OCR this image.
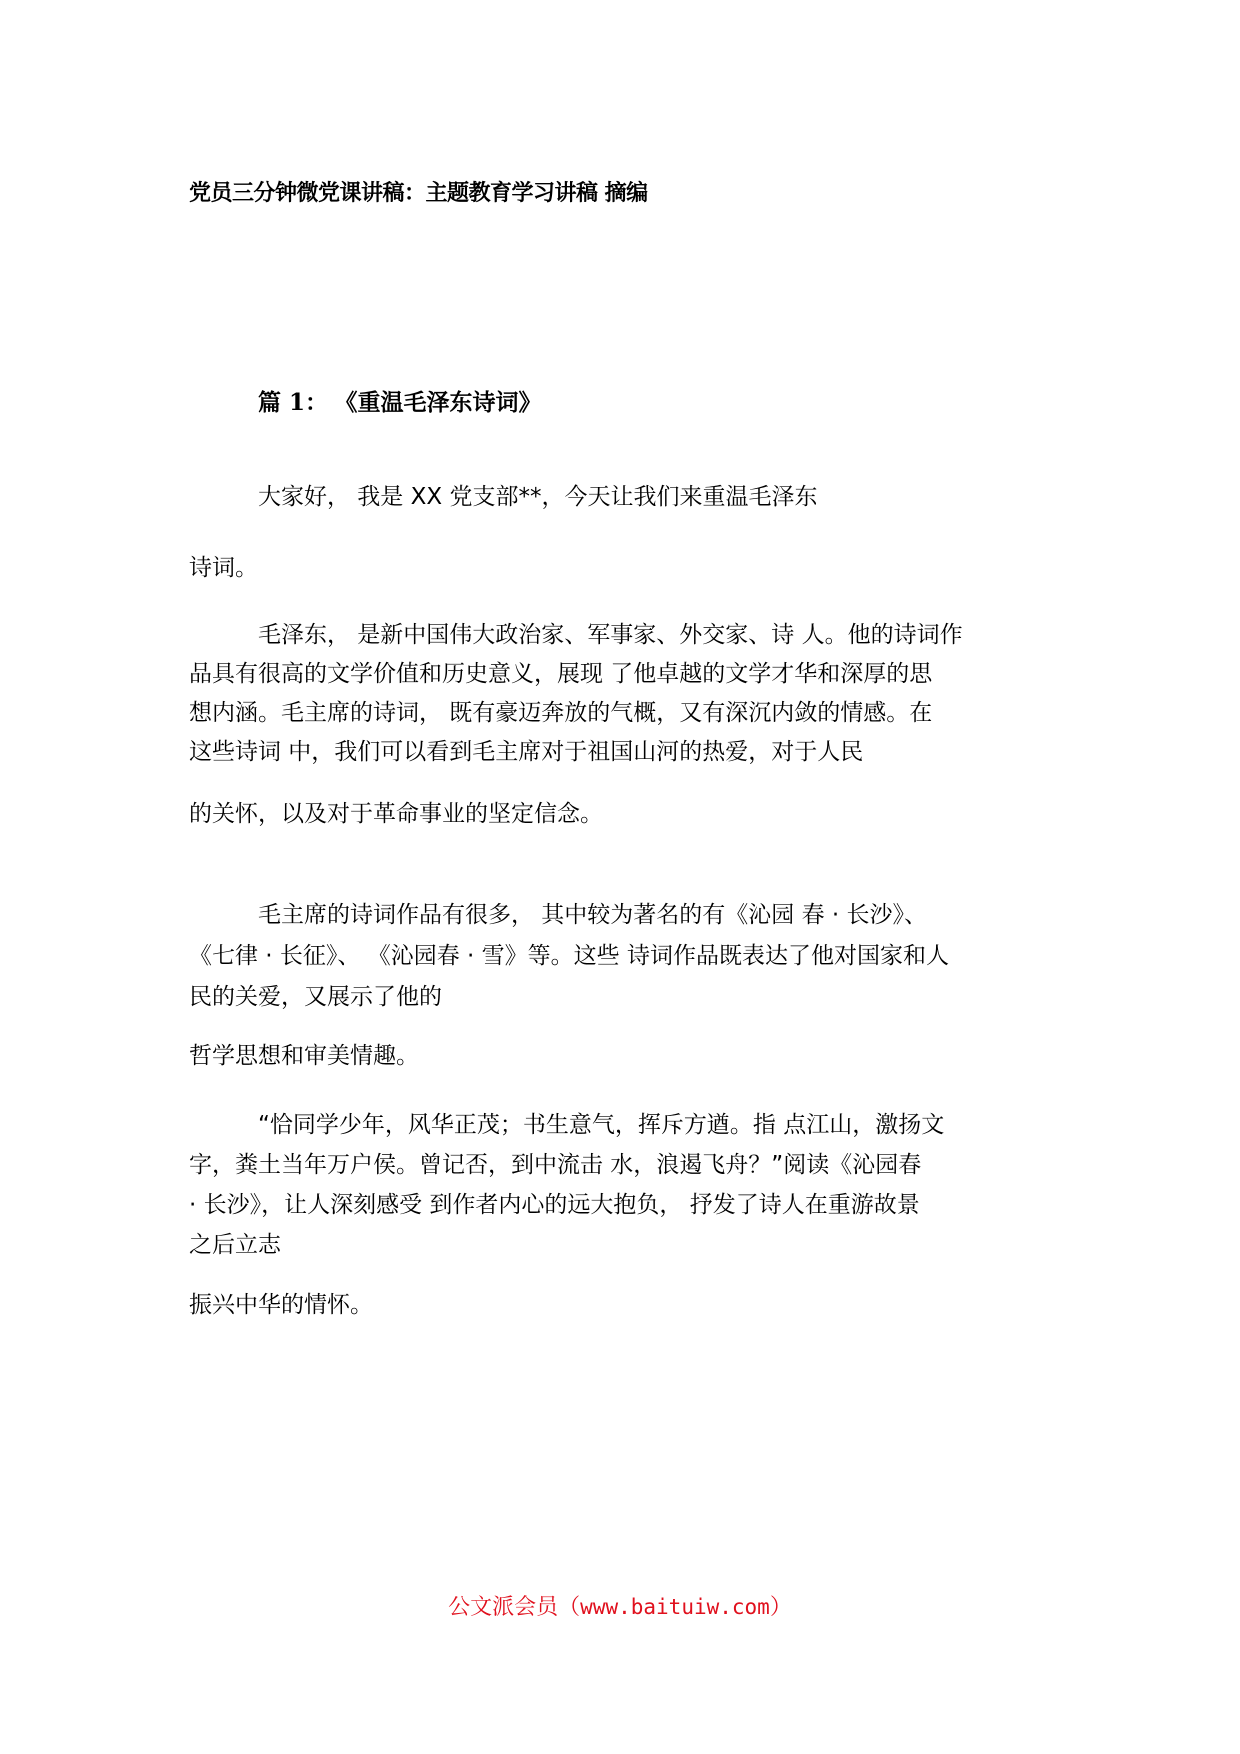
党员三分钟微党课讲稿：主题教育学习讲稿 摘编
篇 1： 《重温毛泽东诗词》
大家好， 我是 XX 党支部**，今天让我们来重温毛泽东
诗词。
毛泽东， 是新中国伟大政治家、军事家、外交家、诗 人。他的诗词作
品具有很高的文学价值和历史意义，展现 了他卓越的文学才华和深厚的思
想内涵。毛主席的诗词， 既有豪迈奔放的气概，又有深沉内敛的情感。在
这些诗词 中，我们可以看到毛主席对于祖国山河的热爱，对于人民
的关怀，以及对于革命事业的坚定信念。
毛主席的诗词作品有很多， 其中较为著名的有《沁园 春 · 长沙》、
《七律 · 长征》、 《沁园春 · 雪》等。这些 诗词作品既表达了他对国家和人
民的关爱，又展示了他的
哲学思想和审美情趣。
“恰同学少年，风华正茂；书生意气，挥斥方遒。指 点江山，激扬文
字，粪土当年万户侯。曾记否，到中流击 水，浪遏飞舟？”阅读《沁园春
· 长沙》，让人深刻感受 到作者内心的远大抱负， 抒发了诗人在重游故景
之后立志
振兴中华的情怀。
公文派会员（www.baituiw.com）
